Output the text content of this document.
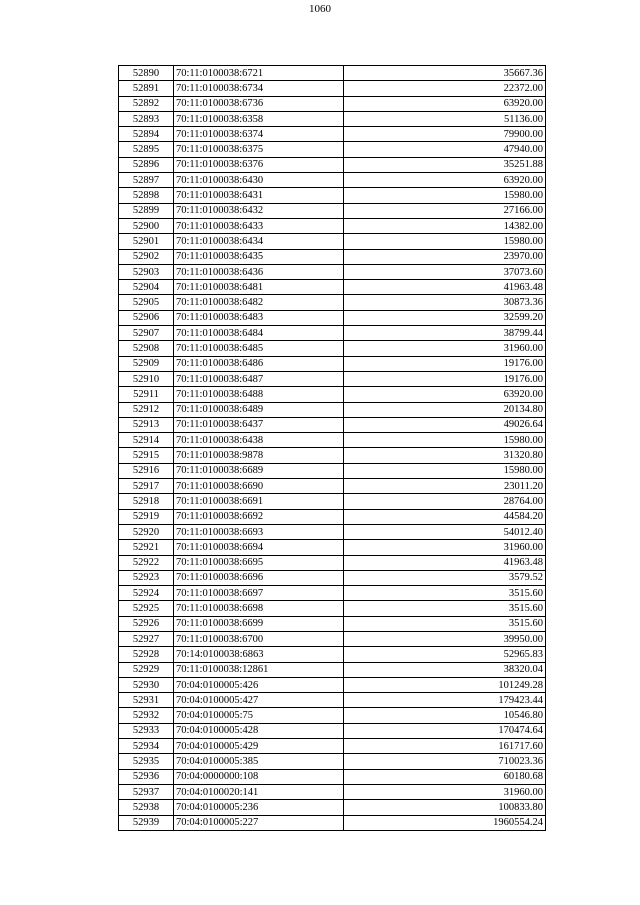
1060
52890	70:11:0100038:6721	35667.36
52891	70:11:0100038:6734	22372.00
52892	70:11:0100038:6736	63920.00
52893	70:11:0100038:6358	51136.00
52894	70:11:0100038:6374	79900.00
52895	70:11:0100038:6375	47940.00
52896	70:11:0100038:6376	35251.88
52897	70:11:0100038:6430	63920.00
52898	70:11:0100038:6431	15980.00
52899	70:11:0100038:6432	27166.00
52900	70:11:0100038:6433	14382.00
52901	70:11:0100038:6434	15980.00
52902	70:11:0100038:6435	23970.00
52903	70:11:0100038:6436	37073.60
52904	70:11:0100038:6481	41963.48
52905	70:11:0100038:6482	30873.36
52906	70:11:0100038:6483	32599.20
52907	70:11:0100038:6484	38799.44
52908	70:11:0100038:6485	31960.00
52909	70:11:0100038:6486	19176.00
52910	70:11:0100038:6487	19176.00
52911	70:11:0100038:6488	63920.00
52912	70:11:0100038:6489	20134.80
52913	70:11:0100038:6437	49026.64
52914	70:11:0100038:6438	15980.00
52915	70:11:0100038:9878	31320.80
52916	70:11:0100038:6689	15980.00
52917	70:11:0100038:6690	23011.20
52918	70:11:0100038:6691	28764.00
52919	70:11:0100038:6692	44584.20
52920	70:11:0100038:6693	54012.40
52921	70:11:0100038:6694	31960.00
52922	70:11:0100038:6695	41963.48
52923	70:11:0100038:6696	3579.52
52924	70:11:0100038:6697	3515.60
52925	70:11:0100038:6698	3515.60
52926	70:11:0100038:6699	3515.60
52927	70:11:0100038:6700	39950.00
52928	70:14:0100038:6863	52965.83
52929	70:11:0100038:12861	38320.04
52930	70:04:0100005:426	101249.28
52931	70:04:0100005:427	179423.44
52932	70:04:0100005:75	10546.80
52933	70:04:0100005:428	170474.64
52934	70:04:0100005:429	161717.60
52935	70:04:0100005:385	710023.36
52936	70:04:0000000:108	60180.68
52937	70:04:0100020:141	31960.00
52938	70:04:0100005:236	100833.80
52939	70:04:0100005:227	1960554.24
